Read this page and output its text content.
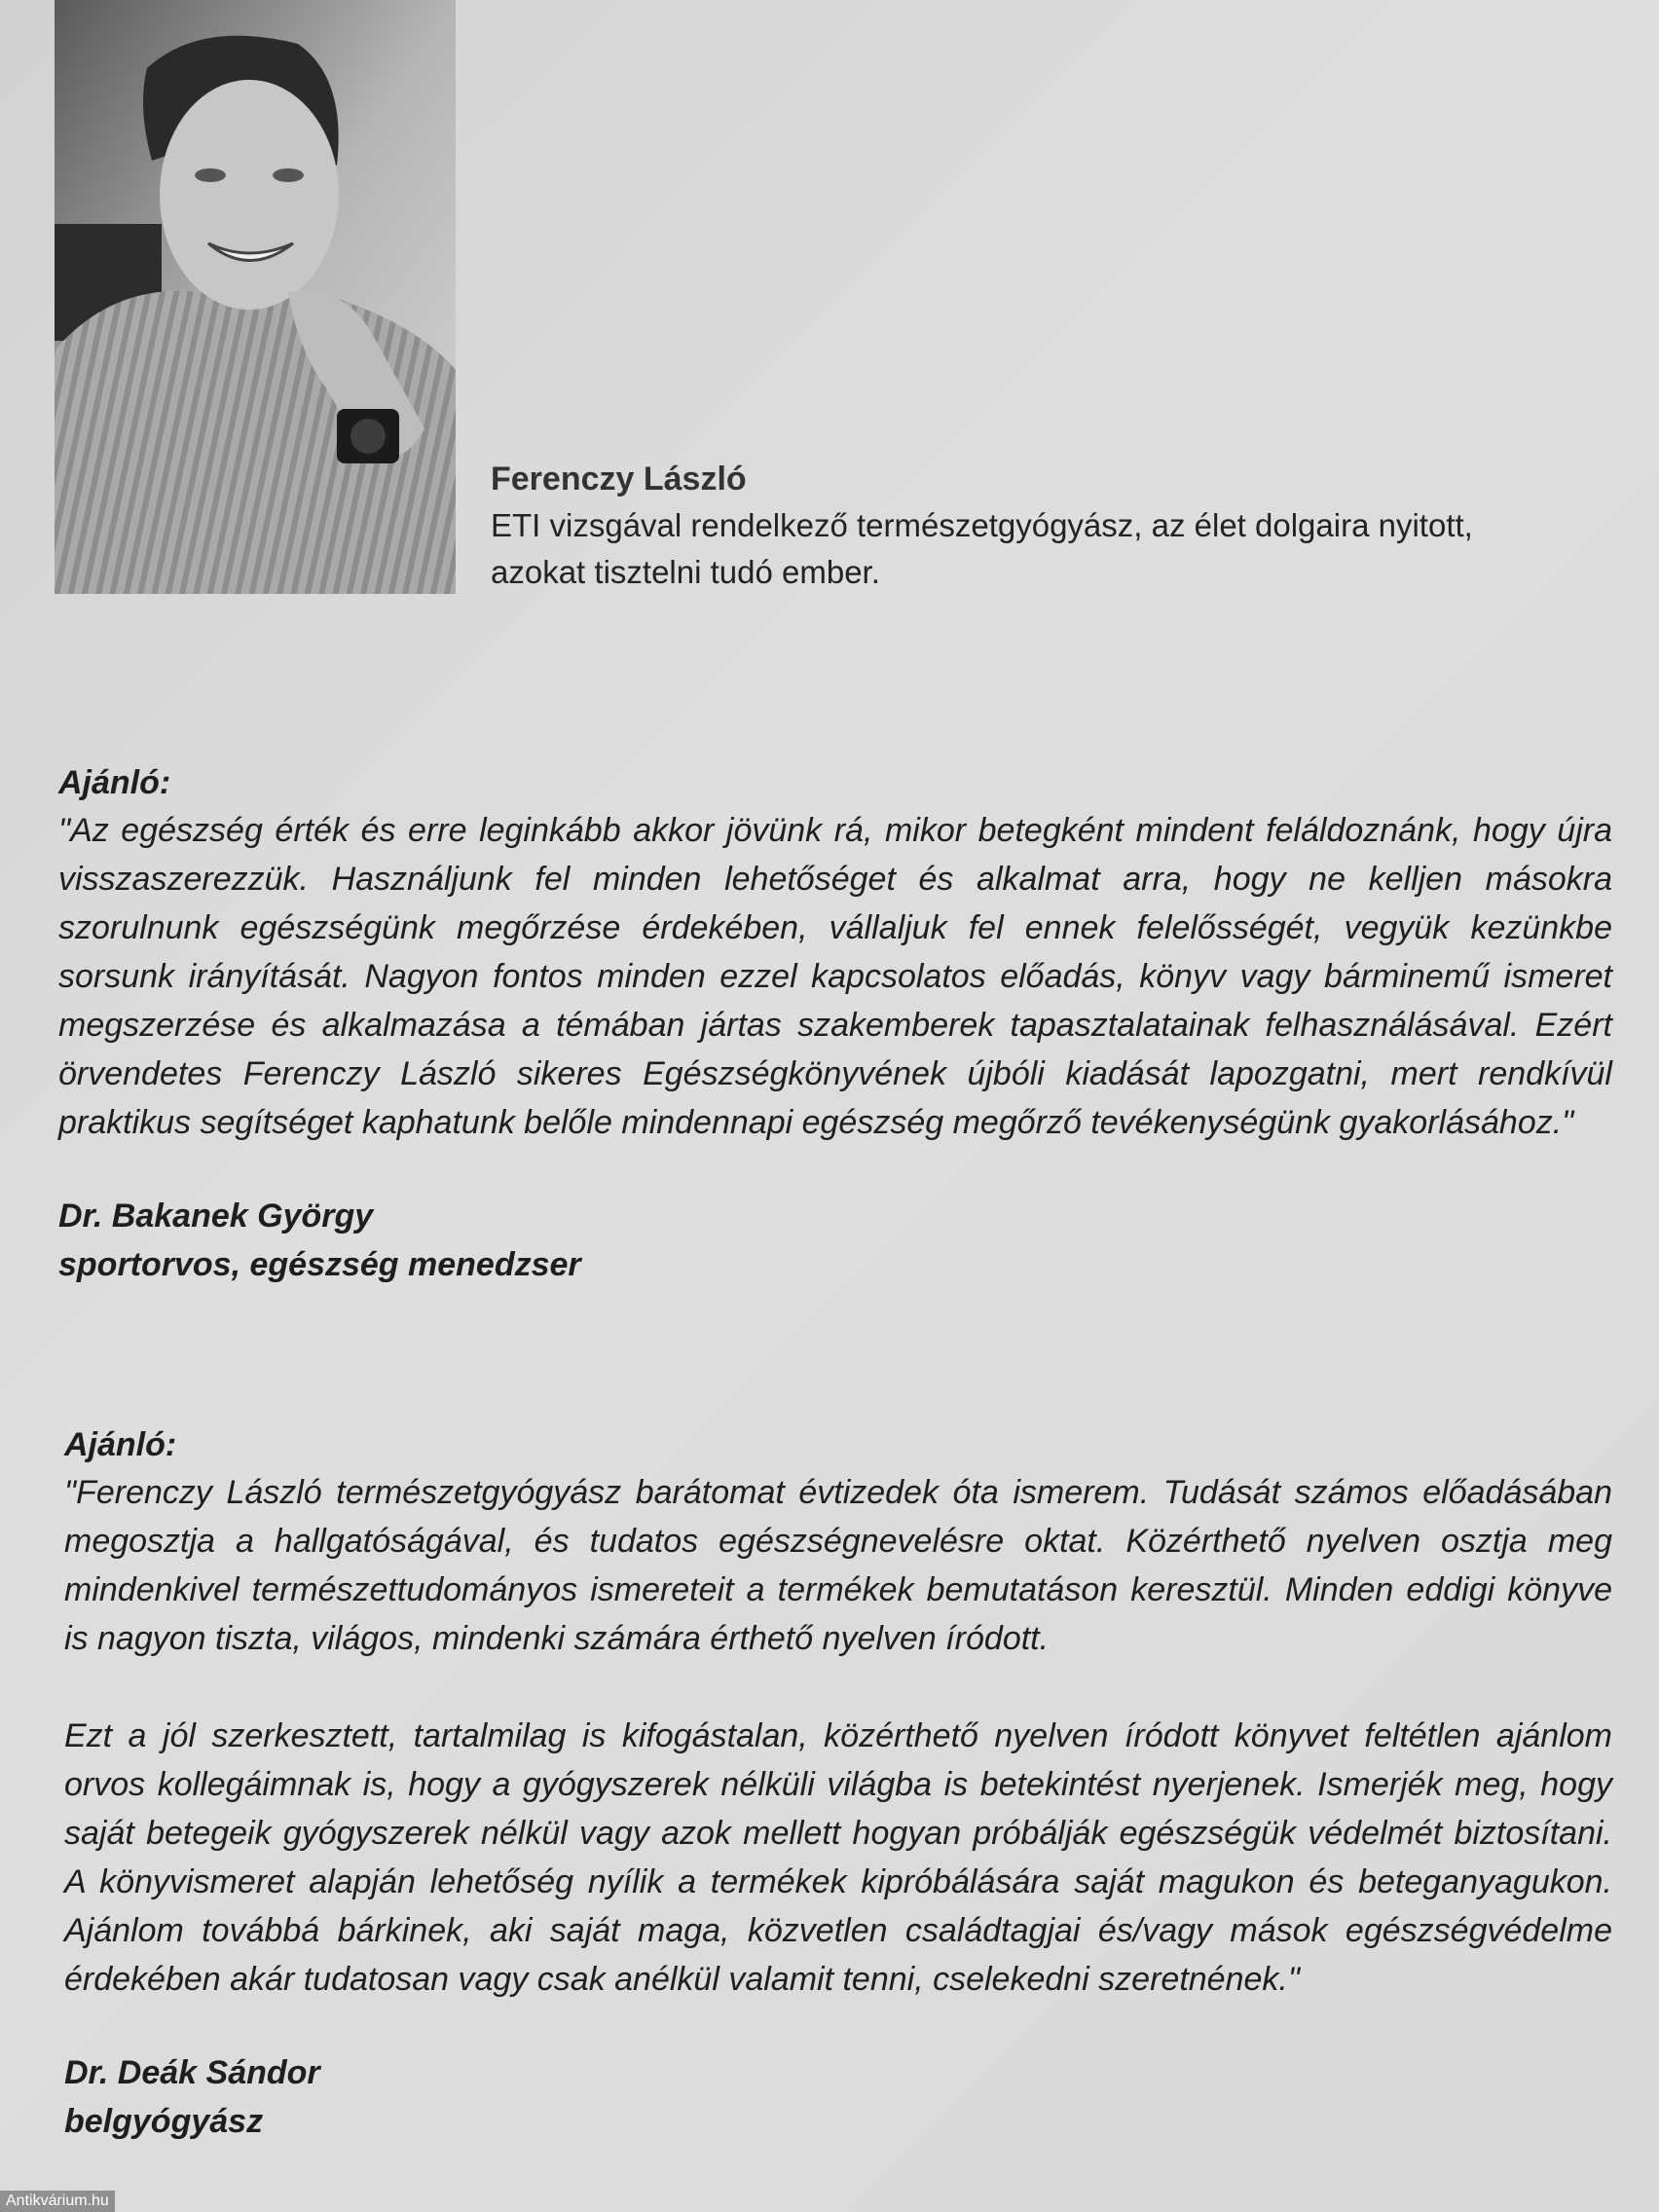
Ferenczy László
ETI vizsgával rendelkező természetgyógyász, az élet dolgaira nyitott,
azokat tisztelni tudó ember.
Ajánló:

"Az egészség érték és erre leginkább akkor jövünk rá, mikor betegként mindent feláldoznánk, hogy újra visszaszerezzük. Használjunk fel minden lehetőséget és alkalmat arra, hogy ne kelljen másokra szorulnunk egészségünk megőrzése érdekében, vállaljuk fel ennek felelősségét, vegyük kezünkbe sorsunk irányítását. Nagyon fontos minden ezzel kapcsolatos előadás, könyv vagy bárminemű ismeret megszerzése és alkalmazása a témában jártas szakemberek tapasztalatainak felhasználásával. Ezért örvendetes Ferenczy László sikeres Egészségkönyvének újbóli kiadását lapozgatni, mert rendkívül praktikus segítséget kaphatunk belőle mindennapi egészség megőrző tevékenységünk gyakorlásához."

Dr. Bakanek György
sportorvos, egészség menedzser
Ajánló:

"Ferenczy László természetgyógyász barátomat évtizedek óta ismerem. Tudását számos előadásában megosztja a hallgatóságával, és tudatos egészségnevelésre oktat. Közérthető nyelven osztja meg mindenkivel természettudományos ismereteit a termékek bemutatáson keresztül. Minden eddigi könyve is nagyon tiszta, világos, mindenki számára érthető nyelven íródott.

Ezt a jól szerkesztett, tartalmilag is kifogástalan, közérthető nyelven íródott könyvet feltétlen ajánlom orvos kollegáimnak is, hogy a gyógyszerek nélküli világba is betekintést nyerjenek. Ismerjék meg, hogy saját betegeik gyógyszerek nélkül vagy azok mellett hogyan próbálják egészségük védelmét biztosítani. A könyvismeret alapján lehetőség nyílik a termékek kipróbálására saját magukon és beteganyagukon. Ajánlom továbbá bárkinek, aki saját maga, közvetlen családtagjai és/vagy mások egészségvédelme érdekében akár tudatosan vagy csak anélkül valamit tenni, cselekedni szeretnének."

Dr. Deák Sándor
belgyógyász
Antikvárium.hu
